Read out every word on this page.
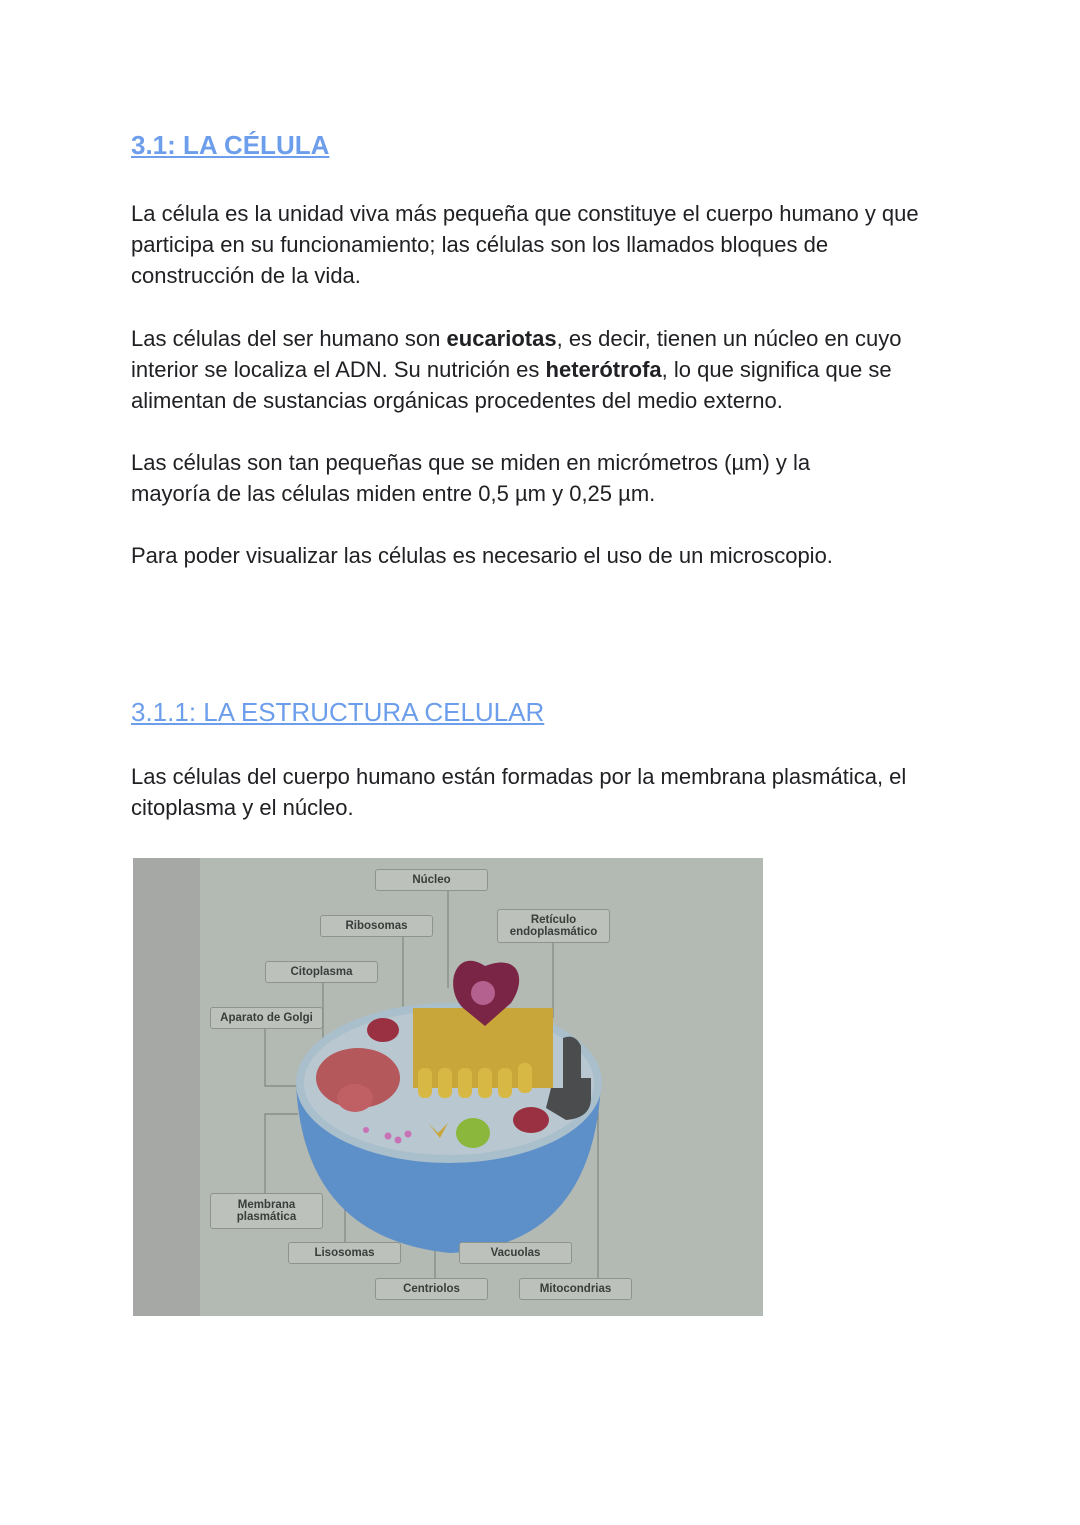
3.1: LA CÉLULA

La célula es la unidad viva más pequeña que constituye el cuerpo humano y que participa en su funcionamiento; las células son los llamados bloques de construcción de la vida.

Las células del ser humano son eucariotas, es decir, tienen un núcleo en cuyo interior se localiza el ADN. Su nutrición es heterótrofa, lo que significa que se alimentan de sustancias orgánicas procedentes del medio externo.

Las células son tan pequeñas que se miden en micrómetros (µm) y la mayoría de las células miden entre 0,5 µm y 0,25 µm.

Para poder visualizar las células es necesario el uso de un microscopio.

3.1.1: LA ESTRUCTURA CELULAR

Las células del cuerpo humano están formadas por la membrana plasmática, el citoplasma y el núcleo.

Núcleo
Ribosomas	Retículo endoplasmático
Citoplasma
Aparato de Golgi
Membrana plasmática
Lisosomas	Vacuolas
Centriolos	Mitocondrias
